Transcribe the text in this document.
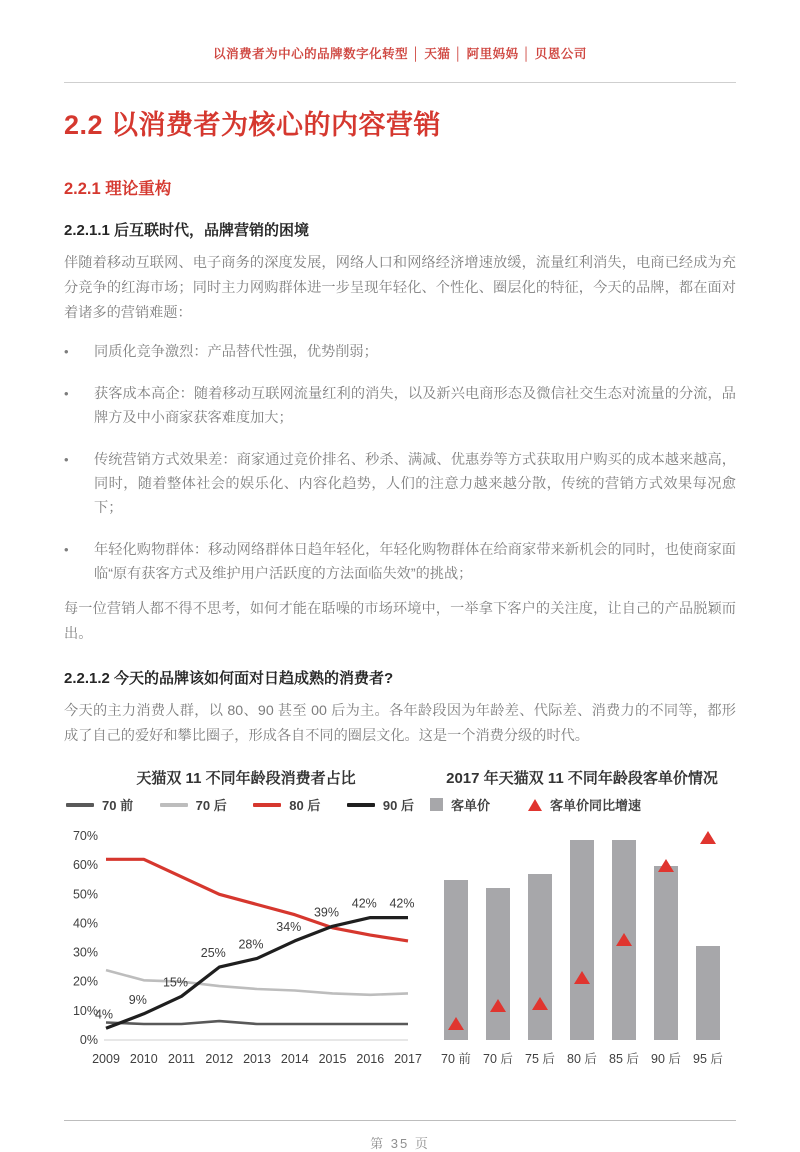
以消费者为中心的品牌数字化转型 │ 天猫 │ 阿里妈妈 │ 贝恩公司
2.2 以消费者为核心的内容营销
2.2.1 理论重构
2.2.1.1 后互联时代，品牌营销的困境

伴随着移动互联网、电子商务的深度发展，网络人口和网络经济增速放缓，流量红利消失，电商已经成为充分竞争的红海市场；同时主力网购群体进一步呈现年轻化、个性化、圈层化的特征，今天的品牌，都在面对着诸多的营销难题：

•	同质化竞争激烈：产品替代性强，优势削弱；
•	获客成本高企：随着移动互联网流量红利的消失，以及新兴电商形态及微信社交生态对流量的分流，品牌方及中小商家获客难度加大；
•	传统营销方式效果差：商家通过竞价排名、秒杀、满减、优惠券等方式获取用户购买的成本越来越高，同时，随着整体社会的娱乐化、内容化趋势，人们的注意力越来越分散，传统的营销方式效果每况愈下；
•	年轻化购物群体：移动网络群体日趋年轻化，年轻化购物群体在给商家带来新机会的同时，也使商家面临“原有获客方式及维护用户活跃度的方法面临失效”的挑战；

每一位营销人都不得不思考，如何才能在聒噪的市场环境中，一举拿下客户的关注度，让自己的产品脱颖而出。

2.2.1.2 今天的品牌该如何面对日趋成熟的消费者?

今天的主力消费人群，以 80、90 甚至 00 后为主。各年龄段因为年龄差、代际差、消费力的不同等，都形成了自己的爱好和攀比圈子，形成各自不同的圈层文化。这是一个消费分级的时代。

天猫双 11 不同年龄段消费者占比
70 前	70 后	80 后	90 后
0%
10%
20%
30%
40%
50%
60%
70%
2009 2010 2011 2012 2013 2014 2015 2016 2017
4%
9%
15%
25%
28%
34%
39%
42% 42%
2017 年天猫双 11 不同年龄段客单价情况
客单价	客单价同比增速
70 前 70 后 75 后 80 后 85 后 90 后 95 后
第 35 页
